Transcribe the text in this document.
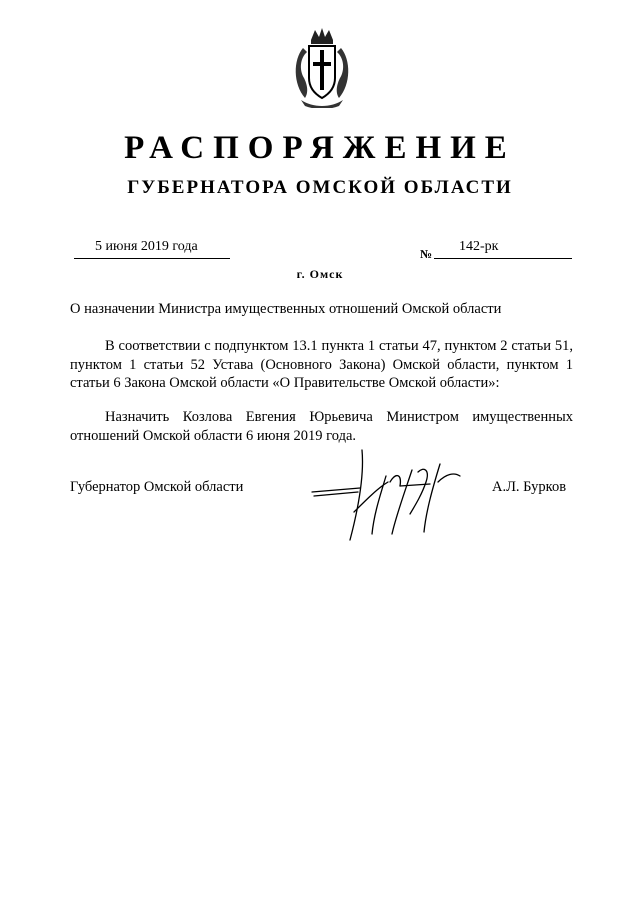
РАСПОРЯЖЕНИЕ
ГУБЕРНАТОРА ОМСКОЙ ОБЛАСТИ
5 июня 2019 года	№ 142-рк
г. Омск
О назначении Министра имущественных отношений Омской области
В соответствии с подпунктом 13.1 пункта 1 статьи 47, пунктом 2 статьи 51, пунктом 1 статьи 52 Устава (Основного Закона) Омской области, пунктом 1 статьи 6 Закона Омской области «О Правительстве Омской области»:
Назначить Козлова Евгения Юрьевича Министром имущественных отношений Омской области 6 июня 2019 года.
Губернатор Омской области	А.Л. Бурков
